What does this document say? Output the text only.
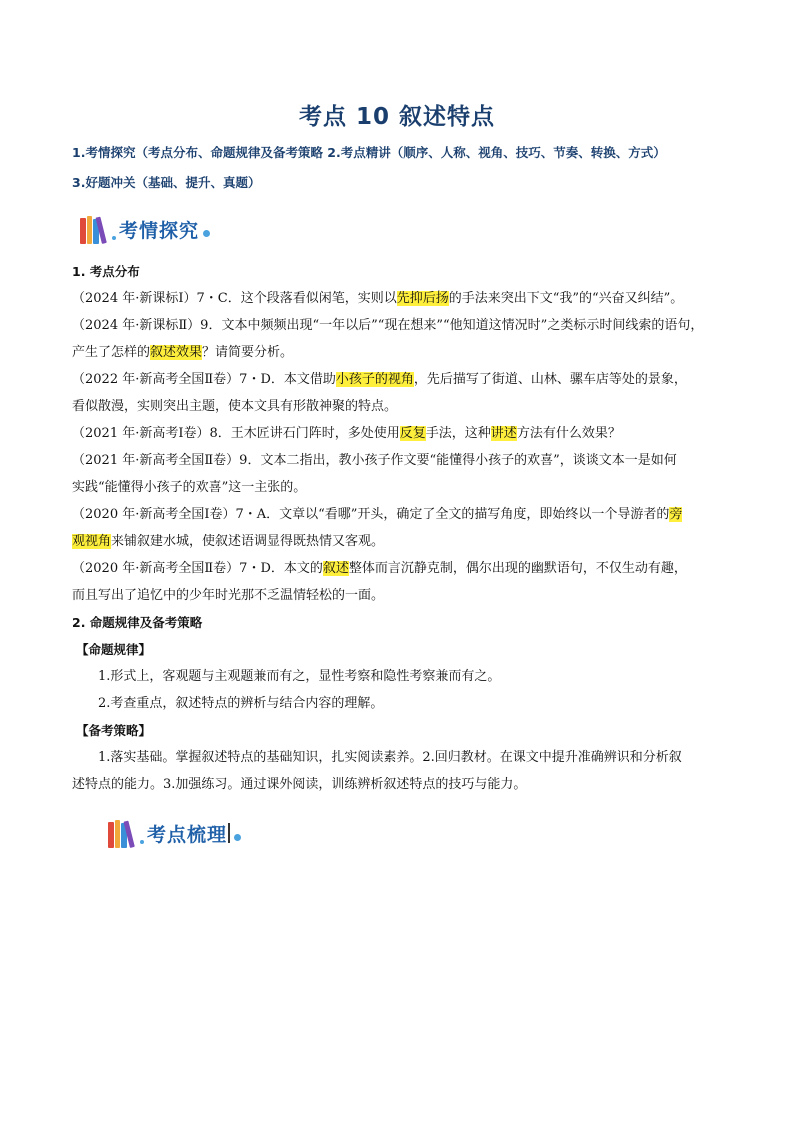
考点 10 叙述特点
1.考情探究（考点分布、命题规律及备考策略 2.考点精讲（顺序、人称、视角、技巧、节奏、转换、方式）
3.好题冲关（基础、提升、真题）
考情探究
1. 考点分布
（2024 年·新课标Ⅰ）7・C．这个段落看似闲笔，实则以先抑后扬的手法来突出下文“我”的“兴奋又纠结”。
（2024 年·新课标Ⅱ）9．文本中频频出现“一年以后”“现在想来”“他知道这情况时”之类标示时间线索的语句，
产生了怎样的叙述效果？请简要分析。
（2022 年·新高考全国Ⅱ卷）7・D．本文借助小孩子的视角，先后描写了街道、山林、骡车店等处的景象，
看似散漫，实则突出主题，使本文具有形散神聚的特点。
（2021 年·新高考Ⅰ卷）8．王木匠讲石门阵时，多处使用反复手法，这种讲述方法有什么效果？
（2021 年·新高考全国Ⅱ卷）9．文本二指出，教小孩子作文要“能懂得小孩子的欢喜”，谈谈文本一是如何
实践“能懂得小孩子的欢喜”这一主张的。
（2020 年·新高考全国Ⅰ卷）7・A．文章以“看哪”开头，确定了全文的描写角度，即始终以一个导游者的旁
观视角来铺叙建水城，使叙述语调显得既热情又客观。
（2020 年·新高考全国Ⅱ卷）7・D．本文的叙述整体而言沉静克制，偶尔出现的幽默语句，不仅生动有趣，
而且写出了追忆中的少年时光那不乏温情轻松的一面。
2. 命题规律及备考策略
【命题规律】
1.形式上，客观题与主观题兼而有之，显性考察和隐性考察兼而有之。
2.考查重点，叙述特点的辨析与结合内容的理解。
【备考策略】
1.落实基础。掌握叙述特点的基础知识，扎实阅读素养。2.回归教材。在课文中提升准确辨识和分析叙
述特点的能力。3.加强练习。通过课外阅读，训练辨析叙述特点的技巧与能力。
考点梳理
